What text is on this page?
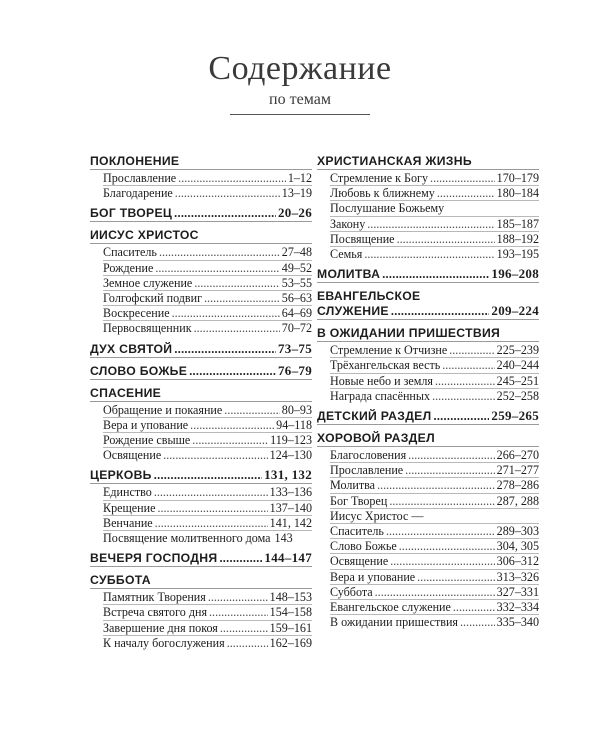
Содержание
по темам
ПОКЛОНЕНИЕ
Прославление .....	1–12
Благодарение .....	13–19
БОГ ТВОРЕЦ .....	20–26
ИИСУС ХРИСТОС
Спаситель .....	27–48
Рождение .....	49–52
Земное служение .....	53–55
Голгофский подвиг .....	56–63
Воскресение .....	64–69
Первосвященник .....	70–72
ДУХ СВЯТОЙ .....	73–75
СЛОВО БОЖЬЕ .....	76–79
СПАСЕНИЕ
Обращение и покаяние .....	80–93
Вера и упование .....	94–118
Рождение свыше .....	119–123
Освящение .....	124–130
ЦЕРКОВЬ .....	131, 132
Единство .....	133–136
Крещение .....	137–140
Венчание .....	141, 142
Посвящение молитвенного дома 143
ВЕЧЕРЯ ГОСПОДНЯ .....	144–147
СУББОТА
Памятник Творения .....	148–153
Встреча святого дня .....	154–158
Завершение дня покоя .....	159–161
К началу богослужения .....	162–169
ХРИСТИАНСКАЯ ЖИЗНЬ
Стремление к Богу .....	170–179
Любовь к ближнему .....	180–184
Послушание Божьему
Закону .....	185–187
Посвящение .....	188–192
Семья .....	193–195
МОЛИТВА .....	196–208
ЕВАНГЕЛЬСКОЕ
СЛУЖЕНИЕ .....	209–224
В ОЖИДАНИИ ПРИШЕСТВИЯ
Стремление к Отчизне .....	225–239
Трёхангельская весть .....	240–244
Новые небо и земля .....	245–251
Награда спасённых .....	252–258
ДЕТСКИЙ РАЗДЕЛ .....	259–265
ХОРОВОЙ РАЗДЕЛ
Благословения .....	266–270
Прославление .....	271–277
Молитва .....	278–286
Бог Творец .....	287, 288
Иисус Христос —
Спаситель .....	289–303
Слово Божье .....	304, 305
Освящение .....	306–312
Вера и упование .....	313–326
Суббота .....	327–331
Евангельское служение .....	332–334
В ожидании пришествия .....	335–340
